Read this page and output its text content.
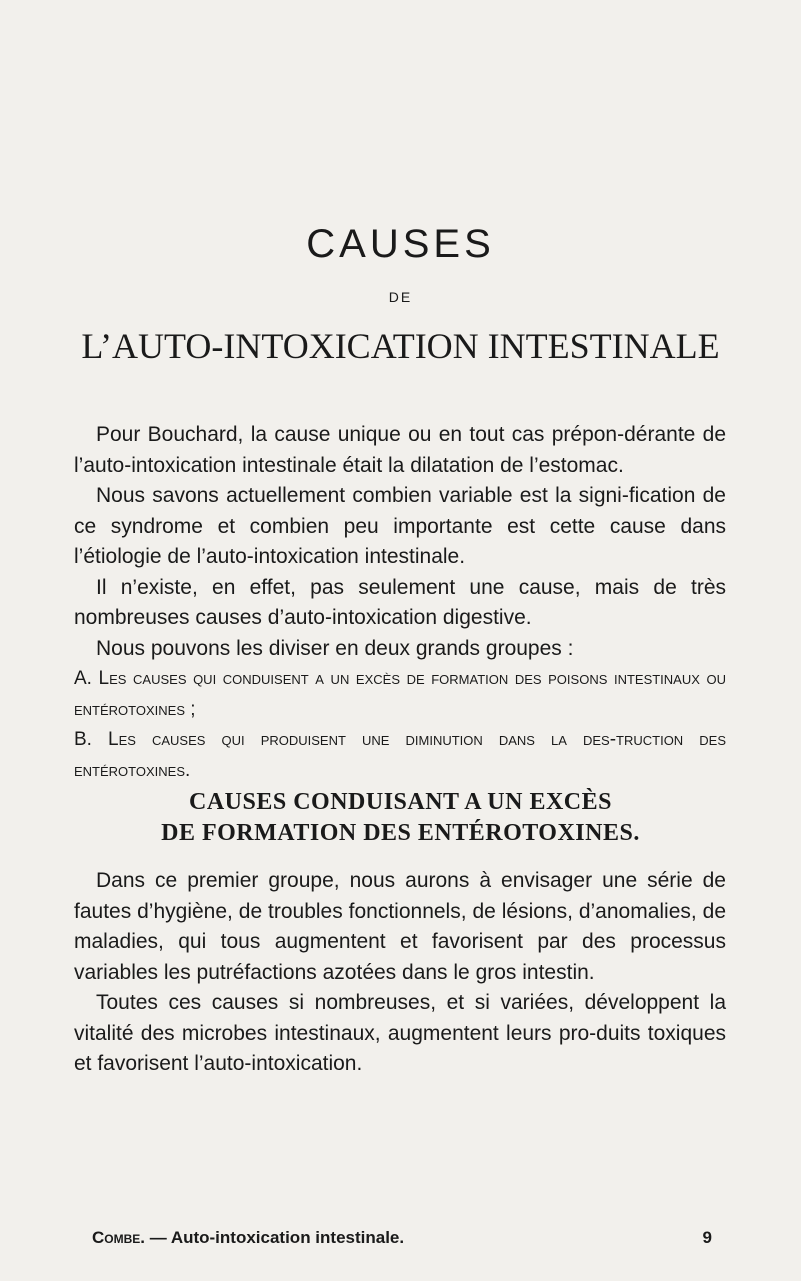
CAUSES
DE
L’AUTO-INTOXICATION INTESTINALE

Pour Bouchard, la cause unique ou en tout cas prépon-dérante de l’auto-intoxication intestinale était la dilatation de l’estomac.

Nous savons actuellement combien variable est la signi-fication de ce syndrome et combien peu importante est cette cause dans l’étiologie de l’auto-intoxication intestinale.

Il n’existe, en effet, pas seulement une cause, mais de très nombreuses causes d’auto-intoxication digestive.

Nous pouvons les diviser en deux grands groupes :

A. Les causes qui conduisent a un excès de formation des poisons intestinaux ou entérotoxines ;

B. Les causes qui produisent une diminution dans la des-truction des entérotoxines.

CAUSES CONDUISANT A UN EXCÈS
DE FORMATION DES ENTÉROTOXINES.

Dans ce premier groupe, nous aurons à envisager une série de fautes d’hygiène, de troubles fonctionnels, de lésions, d’anomalies, de maladies, qui tous augmentent et favorisent par des processus variables les putréfactions azotées dans le gros intestin.

Toutes ces causes si nombreuses, et si variées, développent la vitalité des microbes intestinaux, augmentent leurs pro-duits toxiques et favorisent l’auto-intoxication.

Combe. — Auto-intoxication intestinale.	9
